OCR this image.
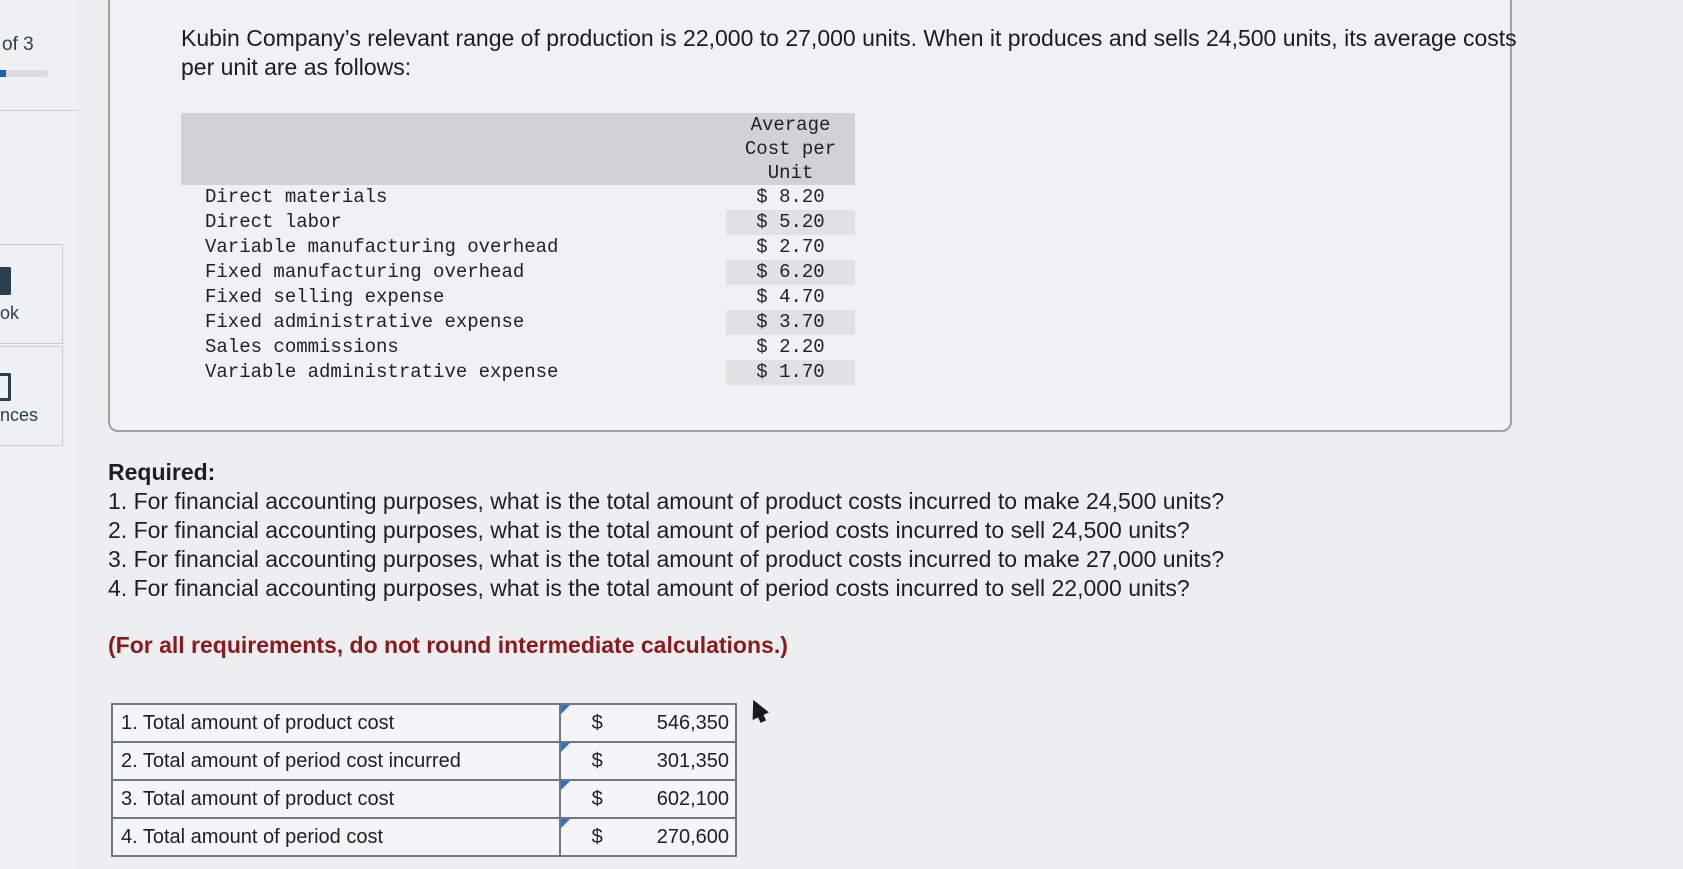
of 3
ok
nces
Kubin Company’s relevant range of production is 22,000 to 27,000 units. When it produces and sells 24,500 units, its average costs per unit are as follows:

	Average
Cost per
Unit

Direct materials	$ 8.20
Direct labor	$ 5.20
Variable manufacturing overhead	$ 2.70
Fixed manufacturing overhead	$ 6.20
Fixed selling expense	$ 4.70
Fixed administrative expense	$ 3.70
Sales commissions	$ 2.20
Variable administrative expense	$ 1.70

Required:

1. For financial accounting purposes, what is the total amount of product costs incurred to make 24,500 units?
2. For financial accounting purposes, what is the total amount of period costs incurred to sell 24,500 units?
3. For financial accounting purposes, what is the total amount of product costs incurred to make 27,000 units?
4. For financial accounting purposes, what is the total amount of period costs incurred to sell 22,000 units?
(For all requirements, do not round intermediate calculations.)
1. Total amount of product cost	$	546,350
2. Total amount of period cost incurred	$	301,350
3. Total amount of product cost	$	602,100
4. Total amount of period cost	$	270,600
